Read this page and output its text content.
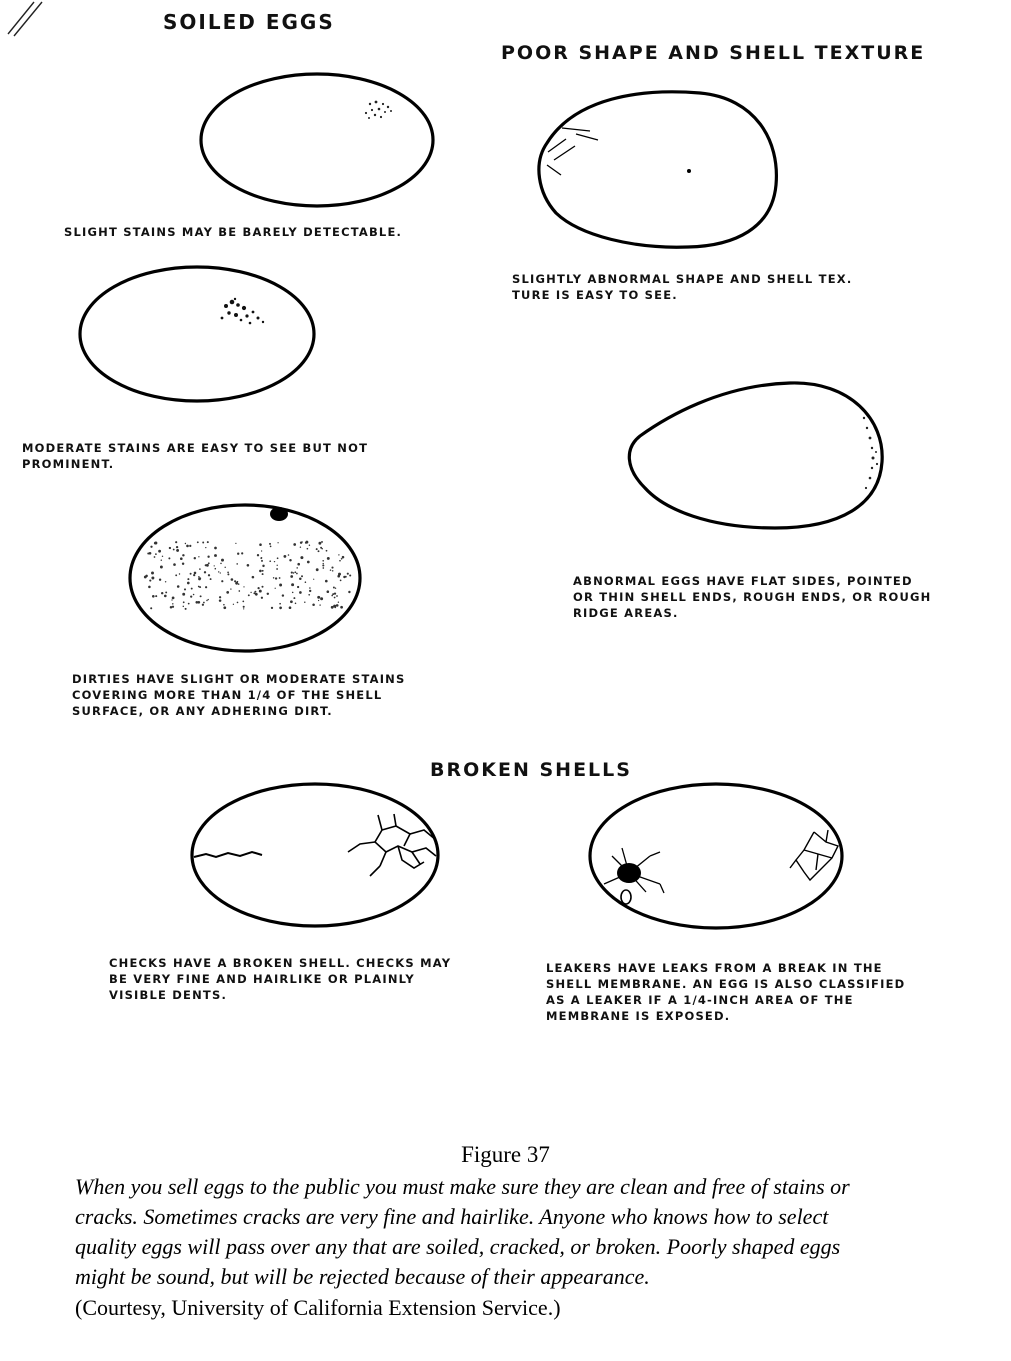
SOILED EGGS
POOR SHAPE AND SHELL TEXTURE
BROKEN SHELLS
SLIGHT STAINS MAY BE BARELY DETECTABLE.
MODERATE STAINS ARE EASY TO SEE BUT NOT
PROMINENT.
DIRTIES HAVE SLIGHT OR MODERATE STAINS
COVERING MORE THAN 1/4 OF THE SHELL
SURFACE, OR ANY ADHERING DIRT.
SLIGHTLY ABNORMAL SHAPE AND SHELL TEX.
TURE IS EASY TO SEE.
ABNORMAL EGGS HAVE FLAT SIDES, POINTED
OR THIN SHELL ENDS, ROUGH ENDS, OR ROUGH
RIDGE AREAS.
CHECKS HAVE A BROKEN SHELL. CHECKS MAY
BE VERY FINE AND HAIRLIKE OR PLAINLY
VISIBLE DENTS.
LEAKERS HAVE LEAKS FROM A BREAK IN THE
SHELL MEMBRANE. AN EGG IS ALSO CLASSIFIED
AS A LEAKER IF A 1/4-INCH AREA OF THE
MEMBRANE IS EXPOSED.

Figure 37

When you sell eggs to the public you must make sure they are clean and free of stains or
cracks. Sometimes cracks are very fine and hairlike. Anyone who knows how to select
quality eggs will pass over any that are soiled, cracked, or broken. Poorly shaped eggs
might be sound, but will be rejected because of their appearance.

(Courtesy, University of California Extension Service.)
